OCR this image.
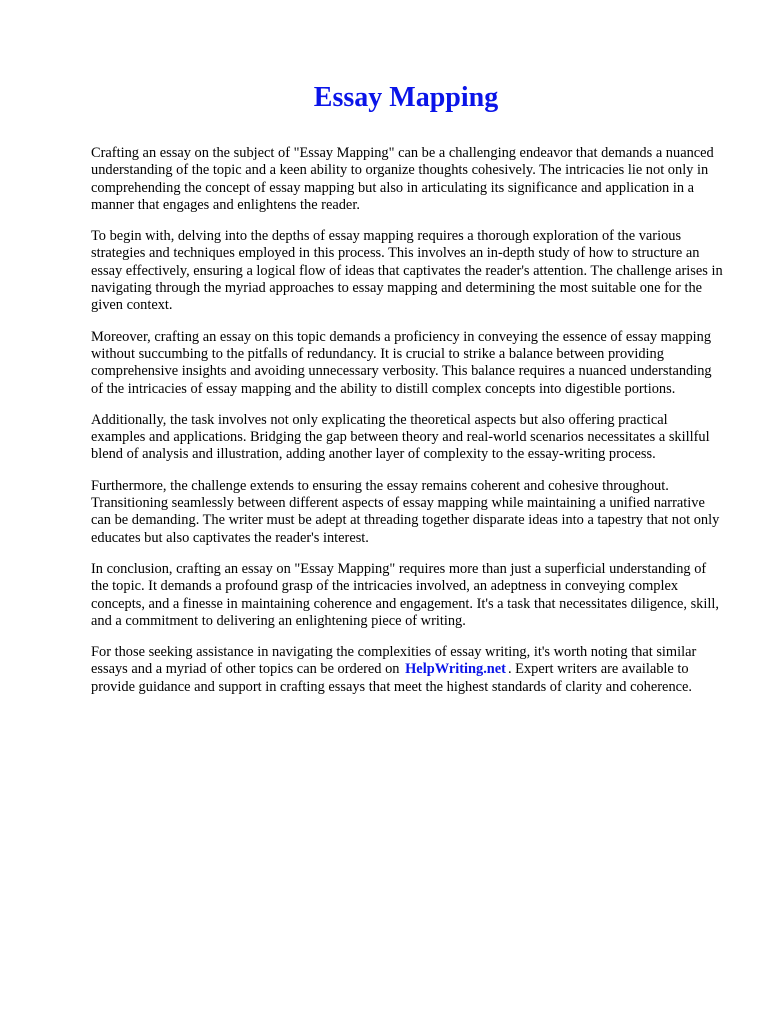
Essay Mapping

Crafting an essay on the subject of "Essay Mapping" can be a challenging endeavor that demands a nuanced understanding of the topic and a keen ability to organize thoughts cohesively. The intricacies lie not only in comprehending the concept of essay mapping but also in articulating its significance and application in a manner that engages and enlightens the reader.

To begin with, delving into the depths of essay mapping requires a thorough exploration of the various strategies and techniques employed in this process. This involves an in-depth study of how to structure an essay effectively, ensuring a logical flow of ideas that captivates the reader's attention. The challenge arises in navigating through the myriad approaches to essay mapping and determining the most suitable one for the given context.

Moreover, crafting an essay on this topic demands a proficiency in conveying the essence of essay mapping without succumbing to the pitfalls of redundancy. It is crucial to strike a balance between providing comprehensive insights and avoiding unnecessary verbosity. This balance requires a nuanced understanding of the intricacies of essay mapping and the ability to distill complex concepts into digestible portions.

Additionally, the task involves not only explicating the theoretical aspects but also offering practical examples and applications. Bridging the gap between theory and real-world scenarios necessitates a skillful blend of analysis and illustration, adding another layer of complexity to the essay-writing process.

Furthermore, the challenge extends to ensuring the essay remains coherent and cohesive throughout. Transitioning seamlessly between different aspects of essay mapping while maintaining a unified narrative can be demanding. The writer must be adept at threading together disparate ideas into a tapestry that not only educates but also captivates the reader's interest.

In conclusion, crafting an essay on "Essay Mapping" requires more than just a superficial understanding of the topic. It demands a profound grasp of the intricacies involved, an adeptness in conveying complex concepts, and a finesse in maintaining coherence and engagement. It's a task that necessitates diligence, skill, and a commitment to delivering an enlightening piece of writing.

For those seeking assistance in navigating the complexities of essay writing, it's worth noting that similar essays and a myriad of other topics can be ordered on HelpWriting.net . Expert writers are available to provide guidance and support in crafting essays that meet the highest standards of clarity and coherence.
